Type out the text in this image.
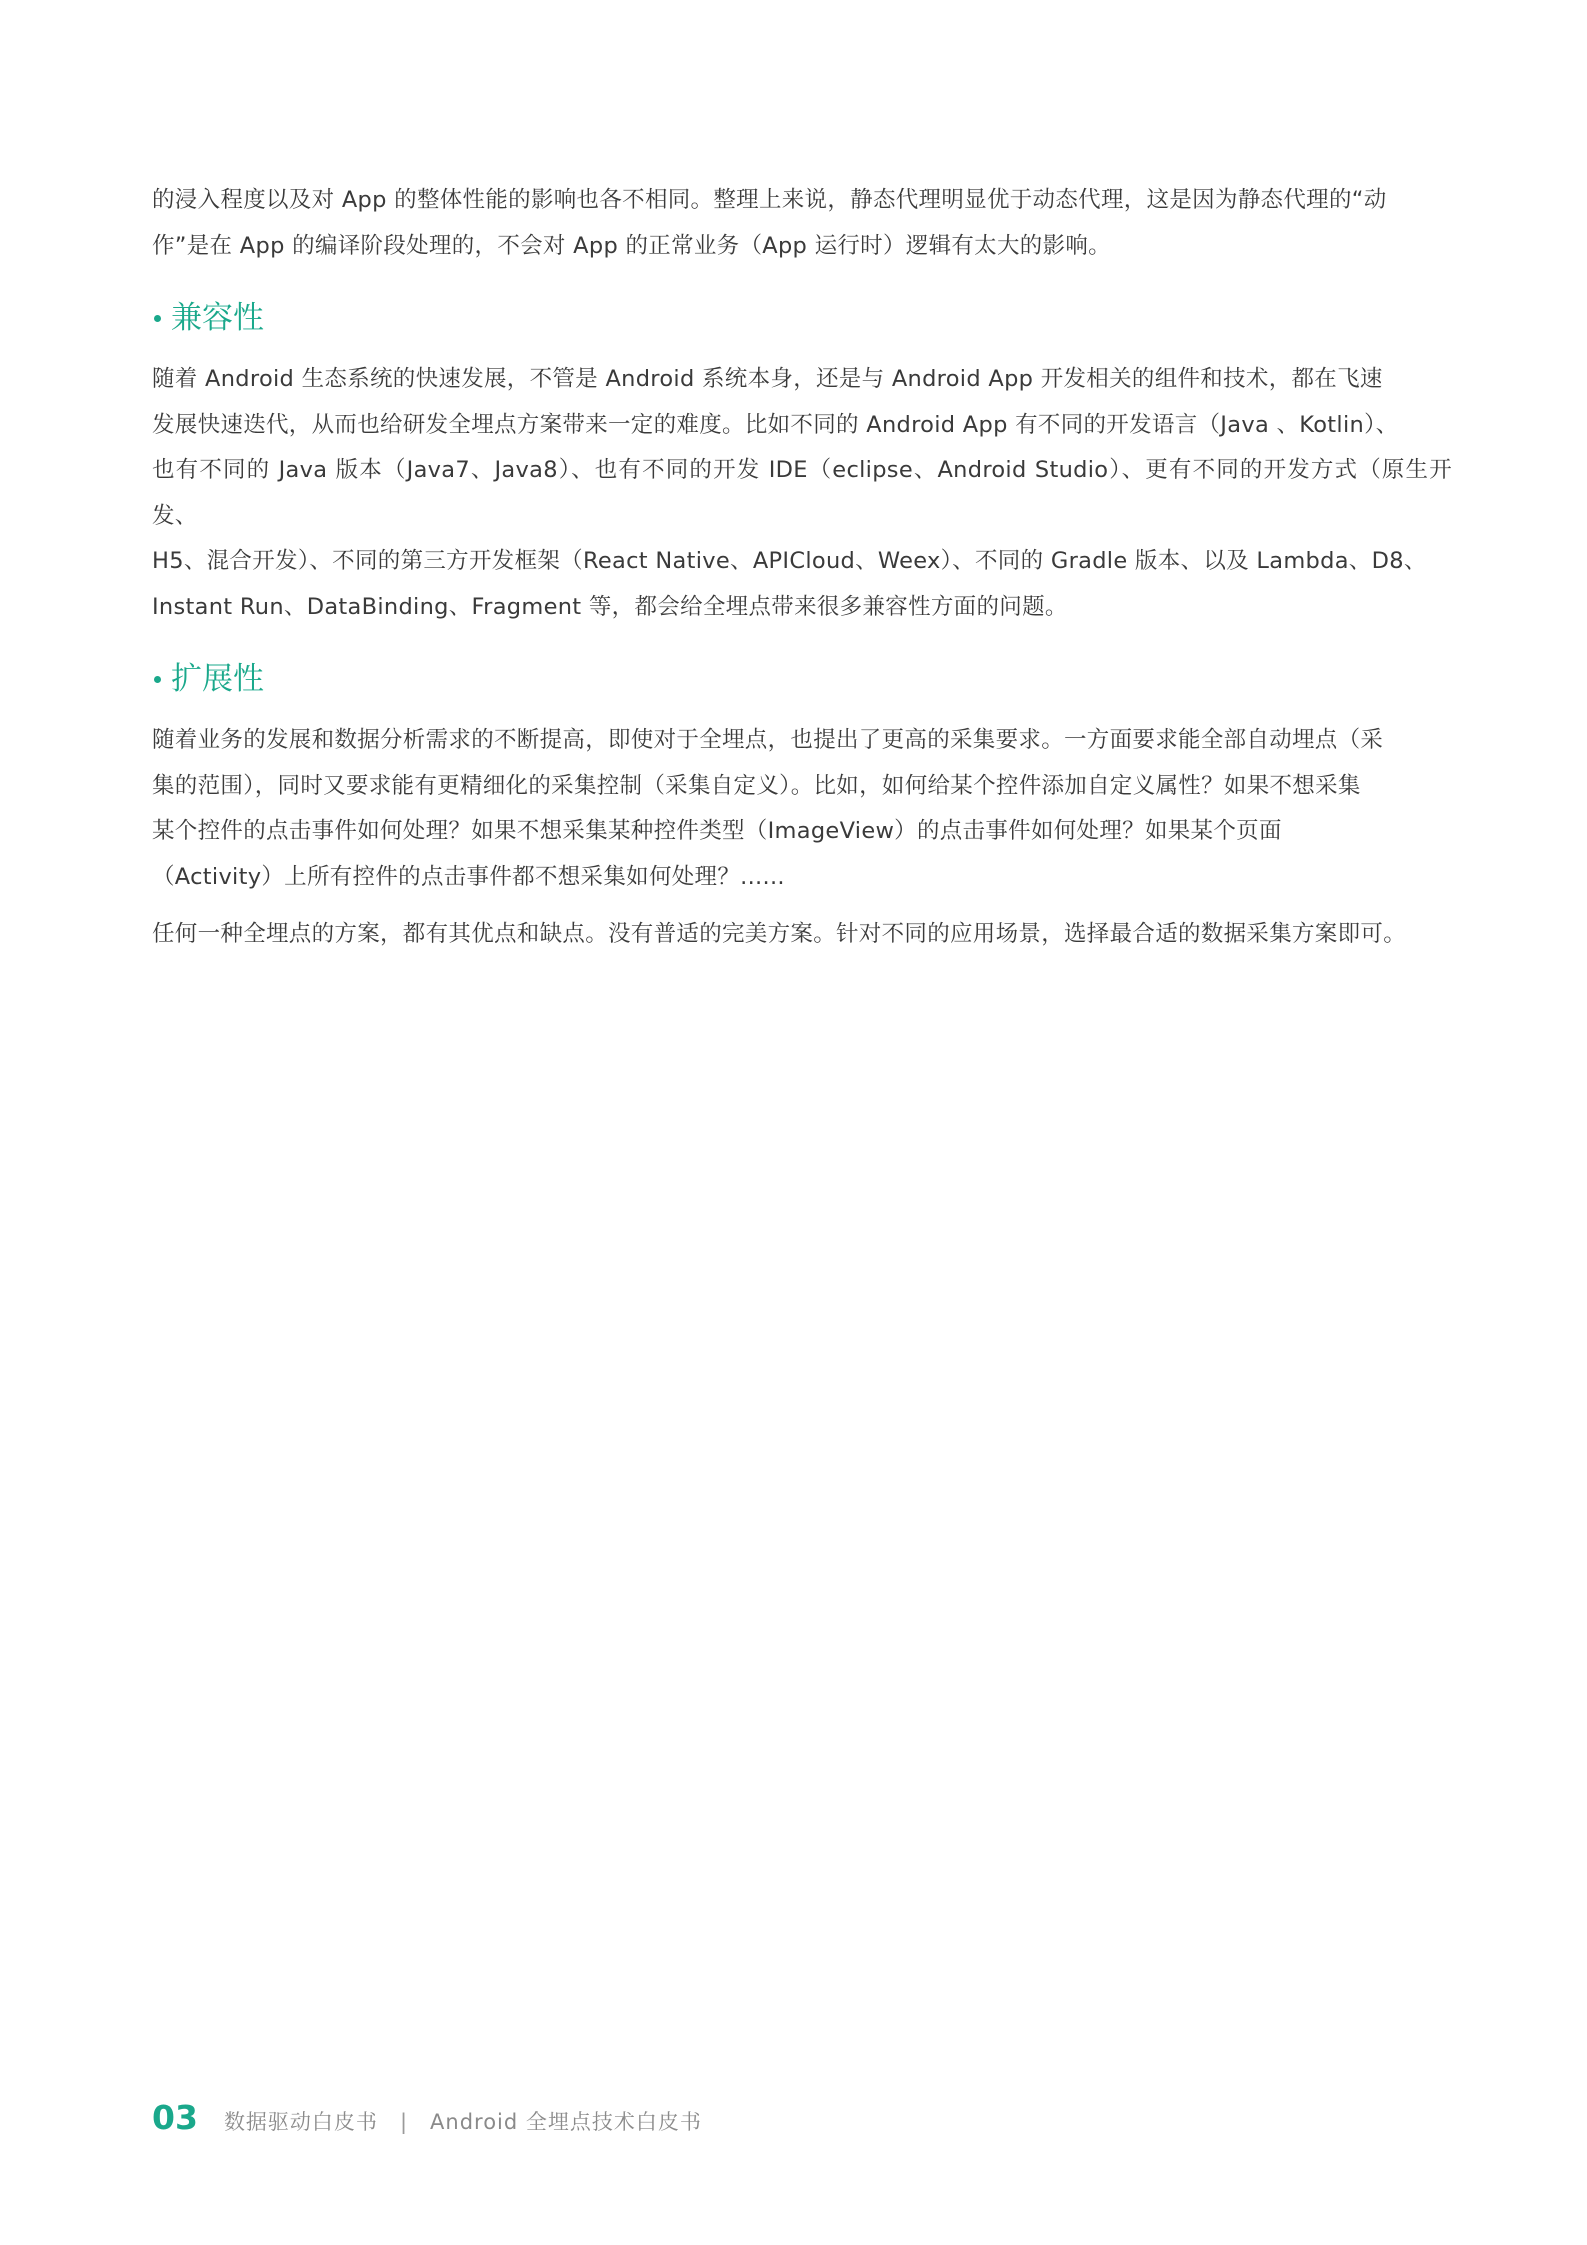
的浸入程度以及对 App 的整体性能的影响也各不相同。整理上来说，静态代理明显优于动态代理，这是因为静态代理的“动
作”是在 App 的编译阶段处理的，不会对 App 的正常业务（App 运行时）逻辑有太大的影响。

兼容性

随着 Android 生态系统的快速发展，不管是 Android 系统本身，还是与 Android App 开发相关的组件和技术，都在飞速
发展快速迭代，从而也给研发全埋点方案带来一定的难度。比如不同的 Android App 有不同的开发语言（Java 、Kotlin）、
也有不同的 Java 版本（Java7、Java8）、也有不同的开发 IDE（eclipse、Android Studio）、更有不同的开发方式（原生开发、
H5、混合开发）、不同的第三方开发框架（React Native、APICloud、Weex）、不同的 Gradle 版本、以及 Lambda、D8、
Instant Run、DataBinding、Fragment 等，都会给全埋点带来很多兼容性方面的问题。

扩展性

随着业务的发展和数据分析需求的不断提高，即使对于全埋点，也提出了更高的采集要求。一方面要求能全部自动埋点（采
集的范围），同时又要求能有更精细化的采集控制（采集自定义）。比如，如何给某个控件添加自定义属性？如果不想采集
某个控件的点击事件如何处理？如果不想采集某种控件类型（ImageView）的点击事件如何处理？如果某个页面
（Activity）上所有控件的点击事件都不想采集如何处理？......

任何一种全埋点的方案，都有其优点和缺点。没有普适的完美方案。针对不同的应用场景，选择最合适的数据采集方案即可。

03 数据驱动白皮书 | Android 全埋点技术白皮书
